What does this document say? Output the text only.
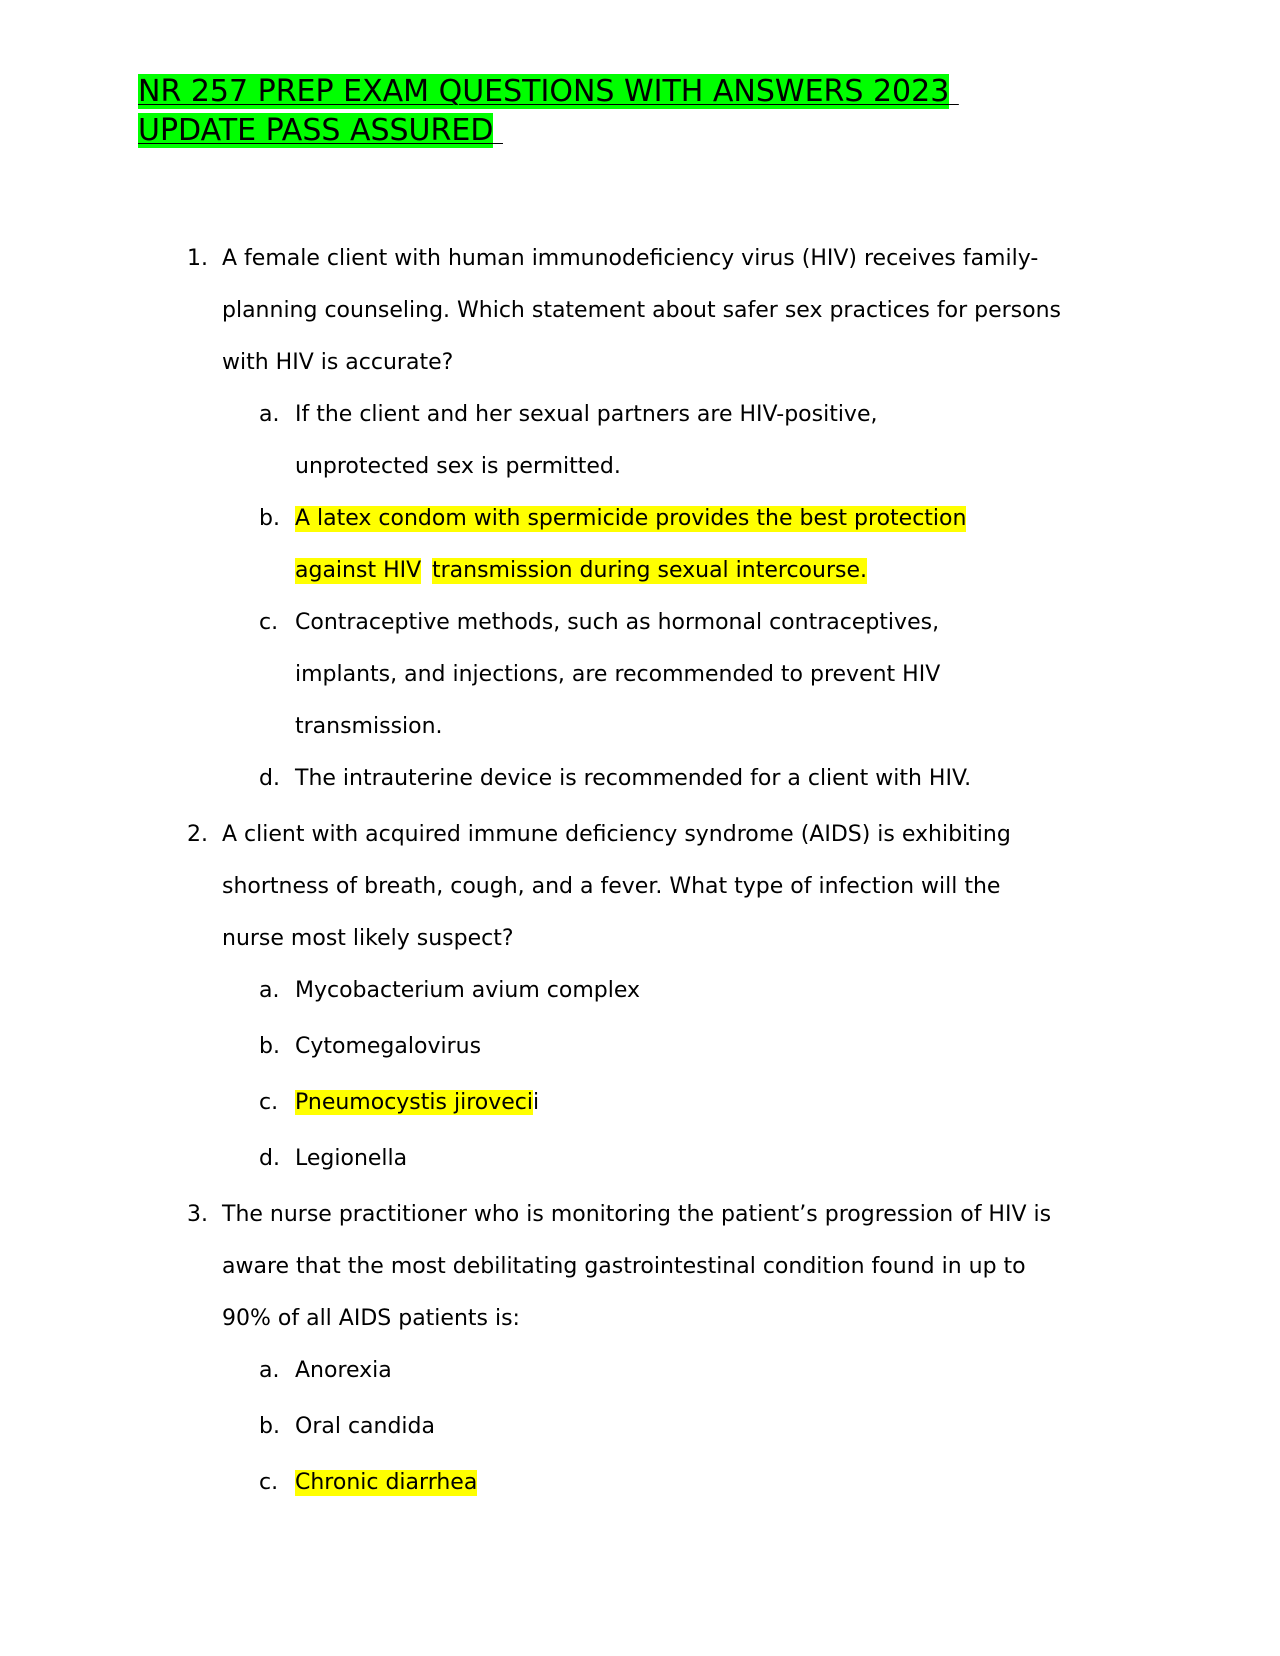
NR 257 PREP EXAM QUESTIONS WITH ANSWERS 2023
UPDATE PASS ASSURED
1. A female client with human immunodeficiency virus (HIV) receives family-
planning counseling. Which statement about safer sex practices for persons
with HIV is accurate?
a. If the client and her sexual partners are HIV-positive,
unprotected sex is permitted.
b. A latex condom with spermicide provides the best protection
against HIV transmission during sexual intercourse.
c. Contraceptive methods, such as hormonal contraceptives,
implants, and injections, are recommended to prevent HIV
transmission.
d. The intrauterine device is recommended for a client with HIV.
2. A client with acquired immune deficiency syndrome (AIDS) is exhibiting
shortness of breath, cough, and a fever. What type of infection will the
nurse most likely suspect?
a. Mycobacterium avium complex
b. Cytomegalovirus
c. Pneumocystis jirovecii
d. Legionella
3. The nurse practitioner who is monitoring the patient’s progression of HIV is
aware that the most debilitating gastrointestinal condition found in up to
90% of all AIDS patients is:
a. Anorexia
b. Oral candida
c. Chronic diarrhea
